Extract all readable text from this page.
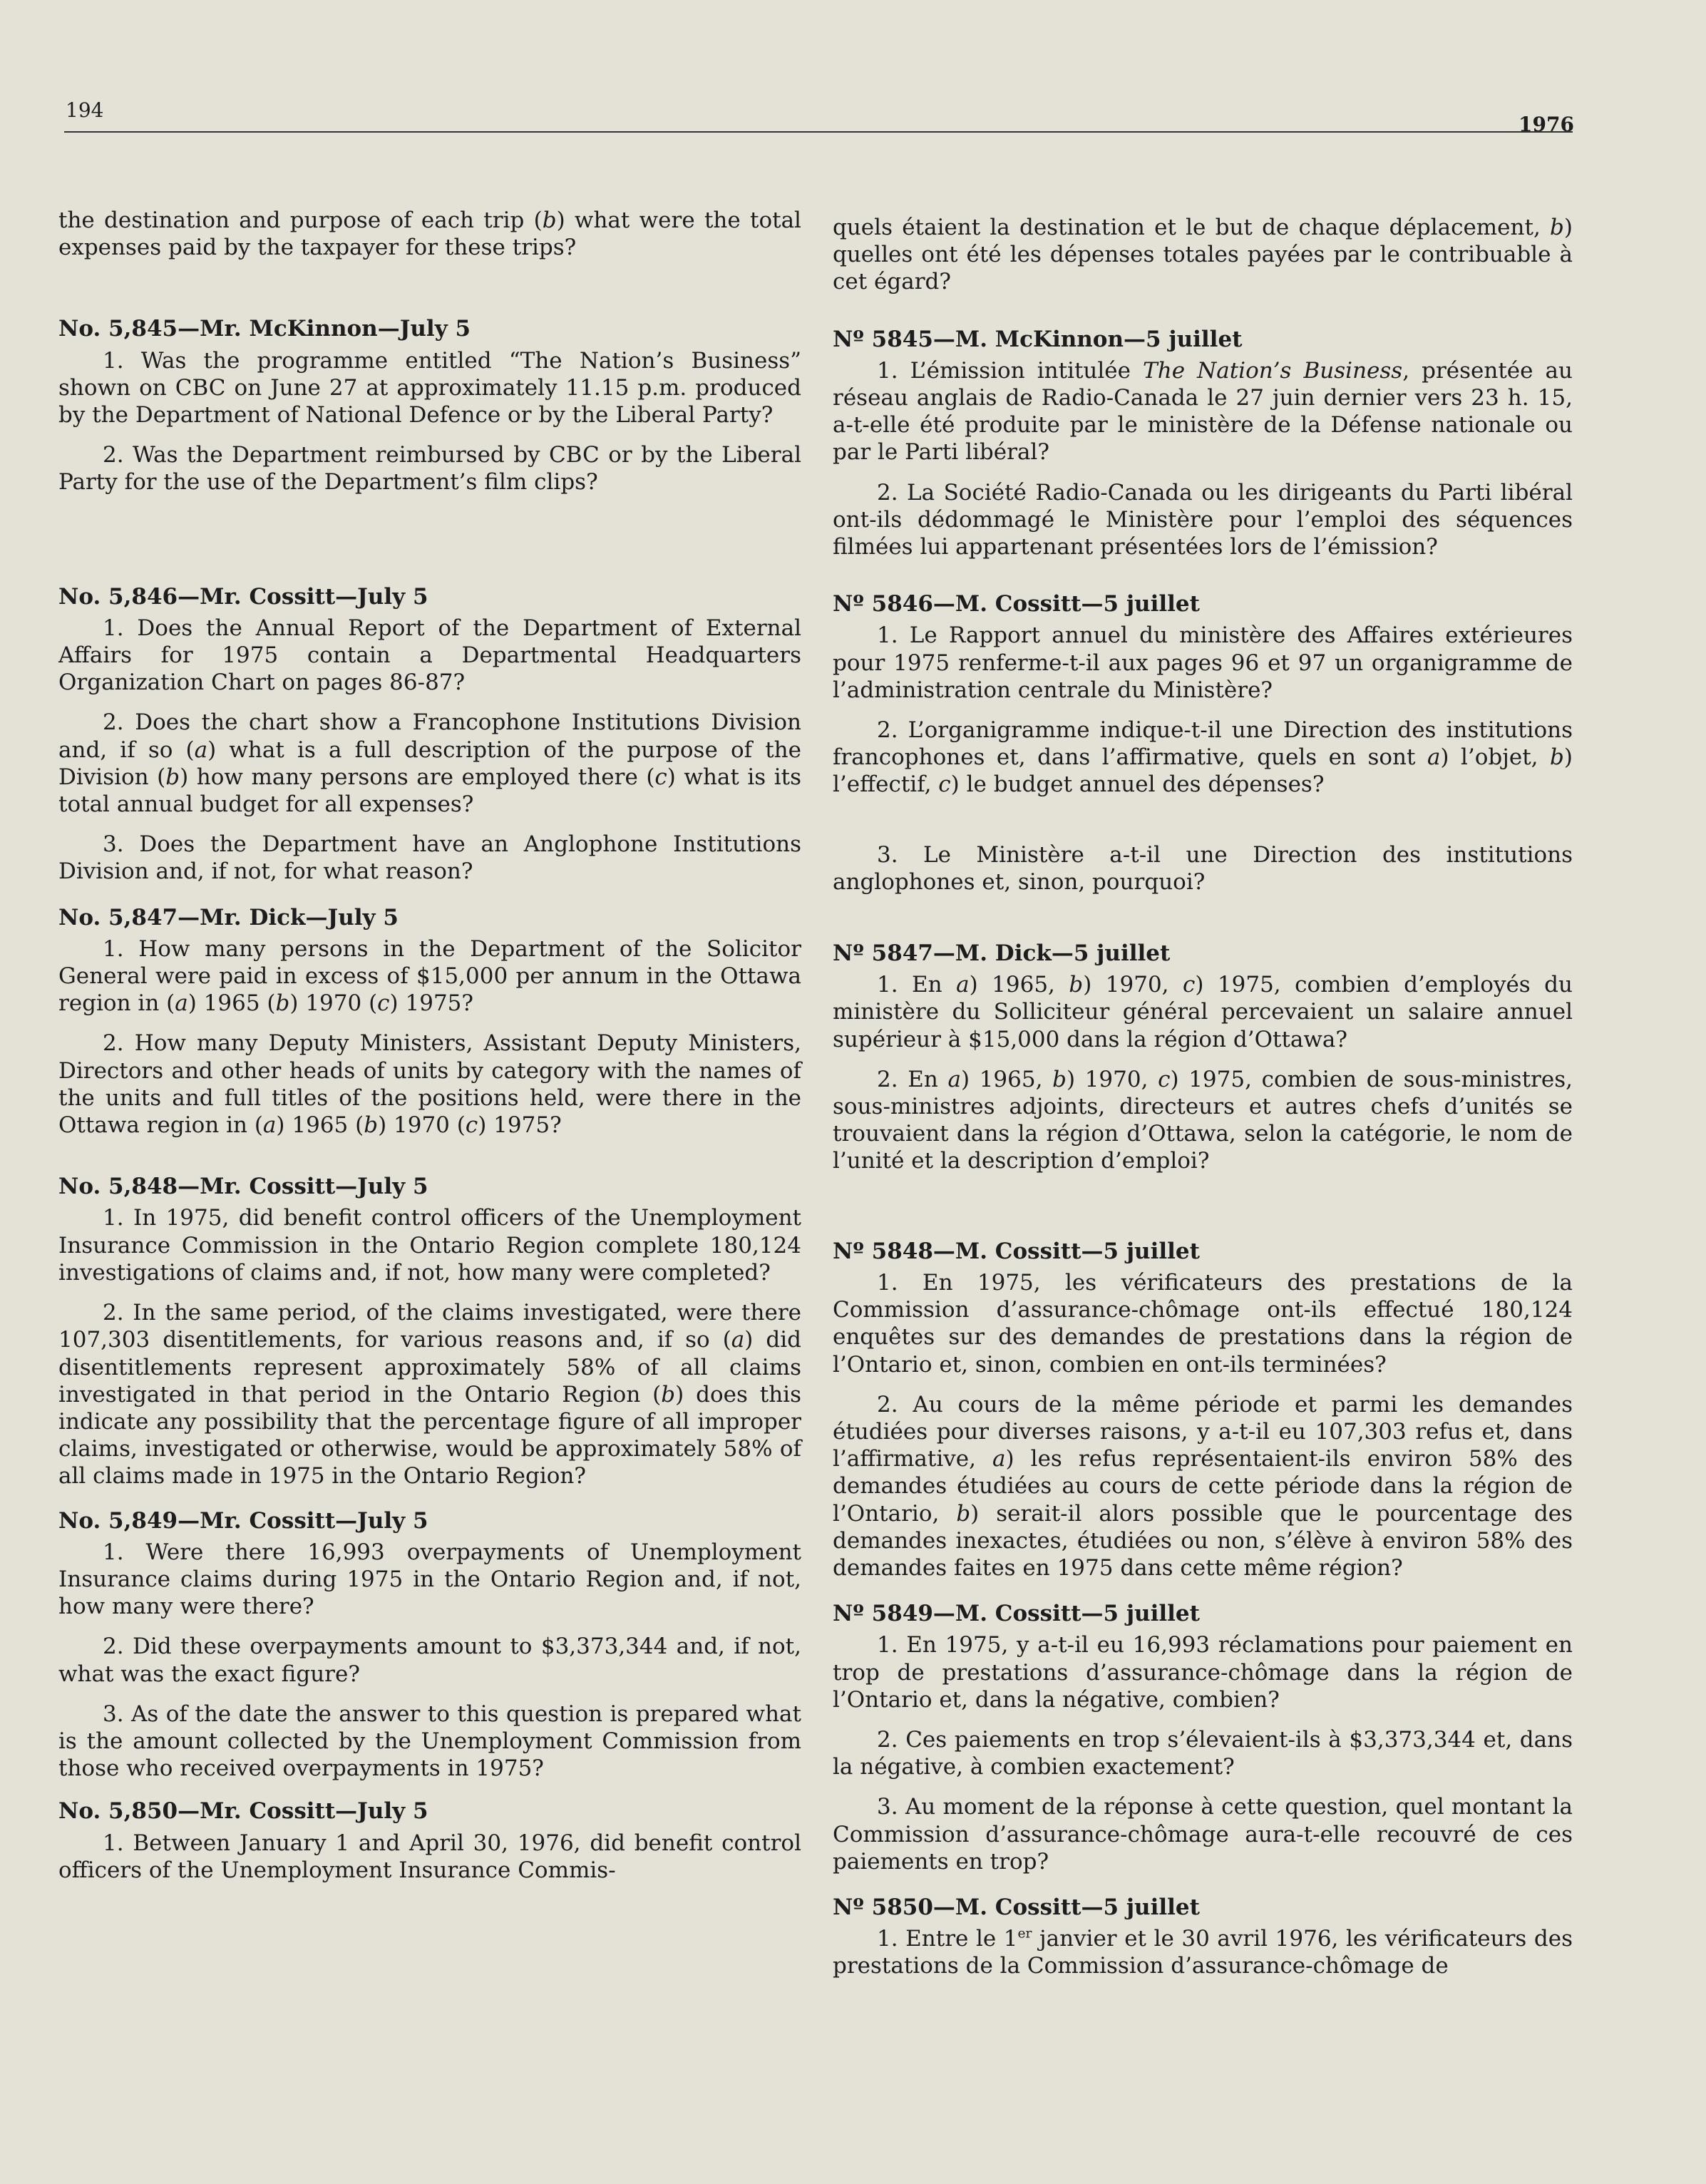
194
1976

the destination and purpose of each trip (b) what were the total expenses paid by the taxpayer for these trips?

No. 5,845—Mr. McKinnon—July 5

1. Was the programme entitled “The Nation’s Business” shown on CBC on June 27 at approximately 11.15 p.m. produced by the Department of National Defence or by the Liberal Party?

2. Was the Department reimbursed by CBC or by the Liberal Party for the use of the Department’s film clips?

No. 5,846—Mr. Cossitt—July 5

1. Does the Annual Report of the Department of External Affairs for 1975 contain a Departmental Headquarters Organization Chart on pages 86-87?

2. Does the chart show a Francophone Institutions Division and, if so (a) what is a full description of the purpose of the Division (b) how many persons are employed there (c) what is its total annual budget for all expenses?

3. Does the Department have an Anglophone Institutions Division and, if not, for what reason?

No. 5,847—Mr. Dick—July 5

1. How many persons in the Department of the Solicitor General were paid in excess of $15,000 per annum in the Ottawa region in (a) 1965 (b) 1970 (c) 1975?

2. How many Deputy Ministers, Assistant Deputy Ministers, Directors and other heads of units by category with the names of the units and full titles of the positions held, were there in the Ottawa region in (a) 1965 (b) 1970 (c) 1975?

No. 5,848—Mr. Cossitt—July 5

1. In 1975, did benefit control officers of the Unemployment Insurance Commission in the Ontario Region complete 180,124 investigations of claims and, if not, how many were completed?

2. In the same period, of the claims investigated, were there 107,303 disentitlements, for various reasons and, if so (a) did disentitlements represent approximately 58% of all claims investigated in that period in the Ontario Region (b) does this indicate any possibility that the percentage figure of all improper claims, investigated or otherwise, would be approximately 58% of all claims made in 1975 in the Ontario Region?

No. 5,849—Mr. Cossitt—July 5

1. Were there 16,993 overpayments of Unemployment Insurance claims during 1975 in the Ontario Region and, if not, how many were there?

2. Did these overpayments amount to $3,373,344 and, if not, what was the exact figure?

3. As of the date the answer to this question is prepared what is the amount collected by the Unemployment Commission from those who received overpayments in 1975?

No. 5,850—Mr. Cossitt—July 5

1. Between January 1 and April 30, 1976, did benefit control officers of the Unemployment Insurance Commis-

quels étaient la destination et le but de chaque déplacement, b) quelles ont été les dépenses totales payées par le contribuable à cet égard?

Nº 5845—M. McKinnon—5 juillet

1. L’émission intitulée The Nation’s Business, présentée au réseau anglais de Radio-Canada le 27 juin dernier vers 23 h. 15, a-t-elle été produite par le ministère de la Défense nationale ou par le Parti libéral?

2. La Société Radio-Canada ou les dirigeants du Parti libéral ont-ils dédommagé le Ministère pour l’emploi des séquences filmées lui appartenant présentées lors de l’émission?

Nº 5846—M. Cossitt—5 juillet

1. Le Rapport annuel du ministère des Affaires extérieures pour 1975 renferme-t-il aux pages 96 et 97 un organigramme de l’administration centrale du Ministère?

2. L’organigramme indique-t-il une Direction des institutions francophones et, dans l’affirmative, quels en sont a) l’objet, b) l’effectif, c) le budget annuel des dépenses?

3. Le Ministère a-t-il une Direction des institutions anglophones et, sinon, pourquoi?

Nº 5847—M. Dick—5 juillet

1. En a) 1965, b) 1970, c) 1975, combien d’employés du ministère du Solliciteur général percevaient un salaire annuel supérieur à $15,000 dans la région d’Ottawa?

2. En a) 1965, b) 1970, c) 1975, combien de sous-ministres, sous-ministres adjoints, directeurs et autres chefs d’unités se trouvaient dans la région d’Ottawa, selon la catégorie, le nom de l’unité et la description d’emploi?

Nº 5848—M. Cossitt—5 juillet

1. En 1975, les vérificateurs des prestations de la Commission d’assurance-chômage ont-ils effectué 180,124 enquêtes sur des demandes de prestations dans la région de l’Ontario et, sinon, combien en ont-ils terminées?

2. Au cours de la même période et parmi les demandes étudiées pour diverses raisons, y a-t-il eu 107,303 refus et, dans l’affirmative, a) les refus représentaient-ils environ 58% des demandes étudiées au cours de cette période dans la région de l’Ontario, b) serait-il alors possible que le pourcentage des demandes inexactes, étudiées ou non, s’élève à environ 58% des demandes faites en 1975 dans cette même région?

Nº 5849—M. Cossitt—5 juillet

1. En 1975, y a-t-il eu 16,993 réclamations pour paiement en trop de prestations d’assurance-chômage dans la région de l’Ontario et, dans la négative, combien?

2. Ces paiements en trop s’élevaient-ils à $3,373,344 et, dans la négative, à combien exactement?

3. Au moment de la réponse à cette question, quel montant la Commission d’assurance-chômage aura-t-elle recouvré de ces paiements en trop?

Nº 5850—M. Cossitt—5 juillet

1. Entre le 1er janvier et le 30 avril 1976, les vérificateurs des prestations de la Commission d’assurance-chômage de
